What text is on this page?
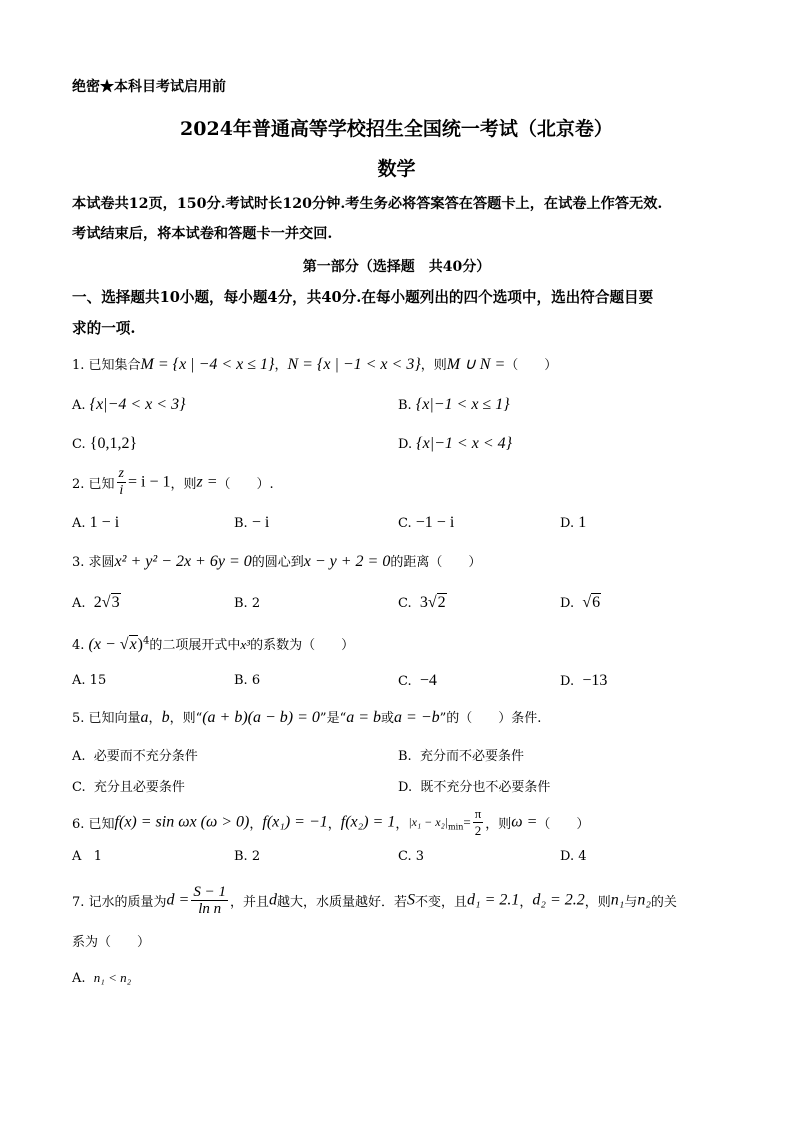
绝密★本科目考试启用前
2024年普通高等学校招生全国统一考试（北京卷）
数学
本试卷共12页，150分.考试时长120分钟.考生务必将答案答在答题卡上，在试卷上作答无效.
考试结束后，将本试卷和答题卡一并交回.
第一部分（选择题　共40分）
一、选择题共10小题，每小题4分，共40分.在每小题列出的四个选项中，选出符合题目要
求的一项.
1. 已知集合M = {x | −4 < x ≤ 1}，N = {x | −1 < x < 3}，则M ∪ N =（　　）
A. {x|−4 < x < 3}	B. {x|−1 < x ≤ 1}
C. {0,1,2}	D. {x|−1 < x < 4}
2. 已知 $\frac{z}{i} = i - 1$，则z =（　　）.
A. 1 − i	B. − i	C. −1 − i	D. 1
3. 求圆x² + y² − 2x + 6y = 0的圆心到x − y + 2 = 0的距离（　　）
A. 2√3	B. 2	C. 3√2	D. √6
4. $(x - √x)^4$的二项展开式中x³的系数为（　　）
A. 15	B. 6	C. −4	D. −13
5. 已知向量a，b，则“(a + b)(a − b) = 0”是“a = b或a = −b”的（　　）条件.
A. 必要而不充分条件	B. 充分而不必要条件
C. 充分且必要条件	D. 既不充分也不必要条件
6. 已知f(x) = sin ωx (ω > 0)，f(x₁) = −1，f(x₂) = 1，$|x_1 - x_2|_{min}= \frac{\pi}{2}$ ，则ω =（　　）
A 1	B. 2	C. 3	D. 4
7. 记水的质量为$d = \frac{S - 1}{\text{ln n}}$ ，并且d越大，水质量越好．若S不变，且d₁ = 2.1，d₂ = 2.2，则n₁与n₂的关
系为（　　）
A. n₁ < n₂
